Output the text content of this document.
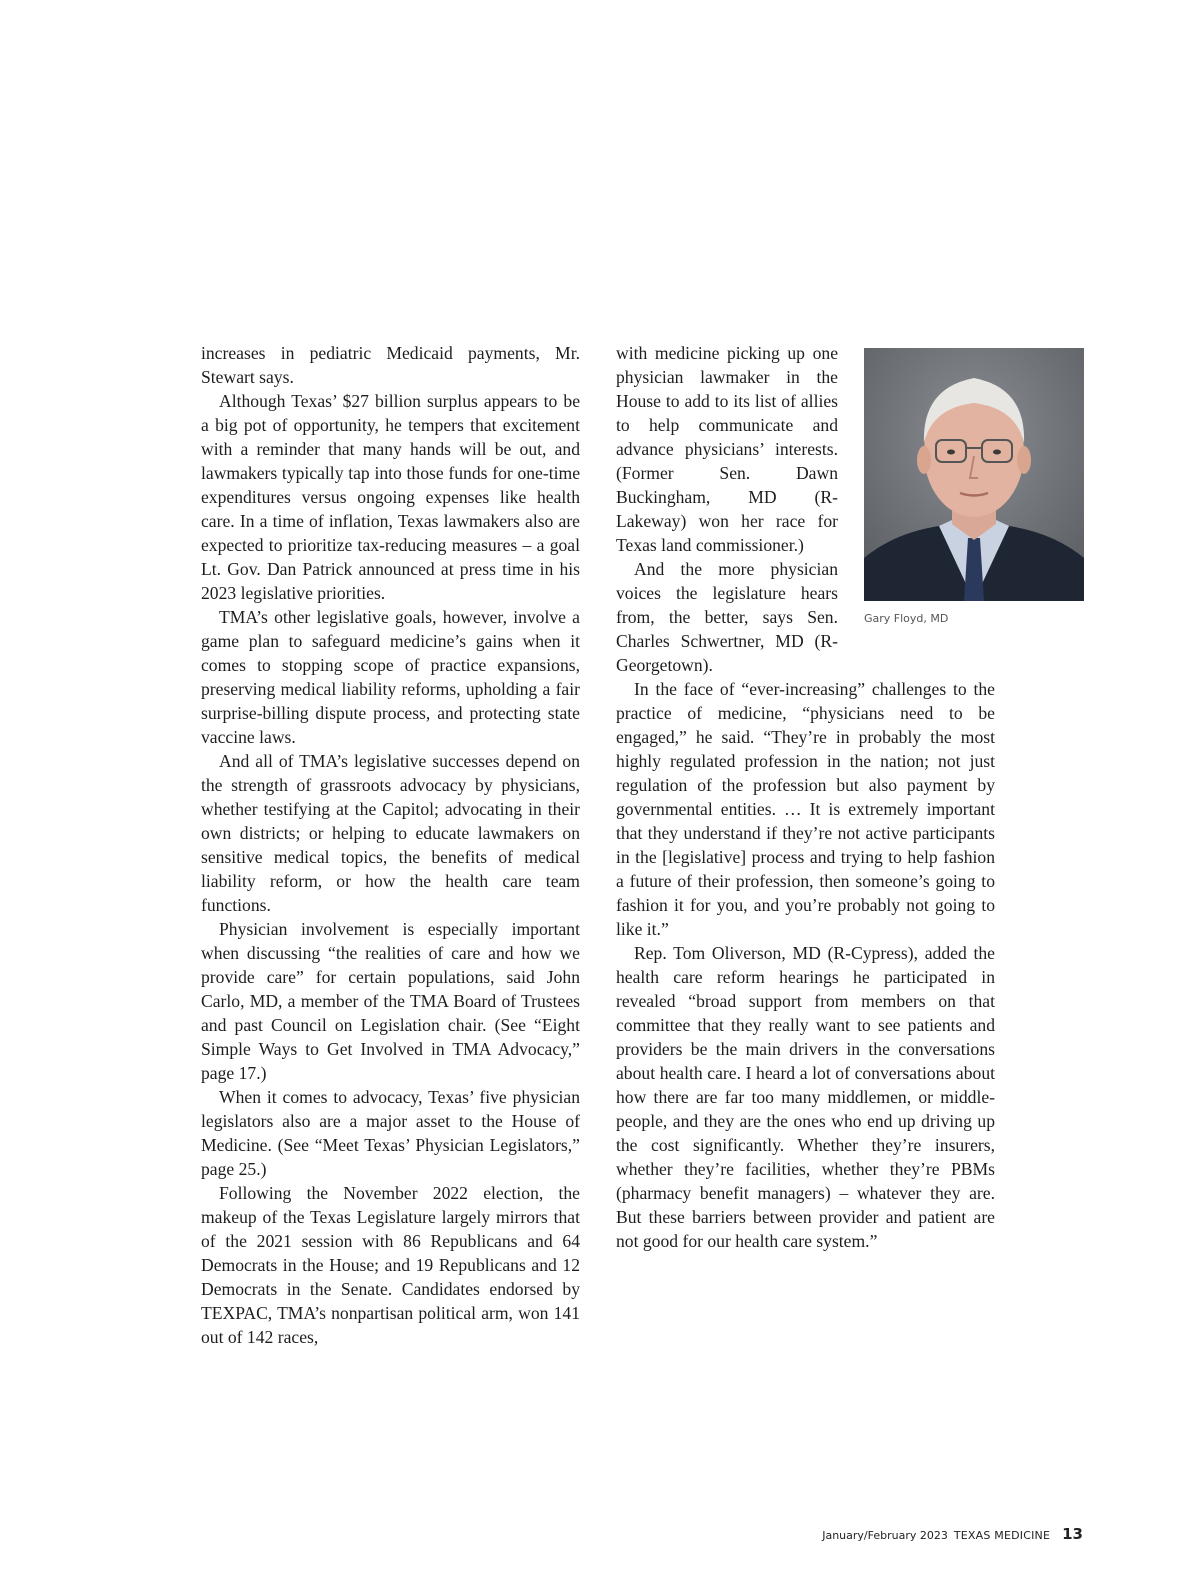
increases in pediatric Medicaid payments, Mr. Stewart says.

Although Texas’ $27 billion surplus appears to be a big pot of opportunity, he tempers that excitement with a reminder that many hands will be out, and lawmakers typically tap into those funds for one-time expenditures versus ongoing expenses like health care. In a time of inflation, Texas lawmakers also are expected to prioritize tax-reducing measures – a goal Lt. Gov. Dan Patrick announced at press time in his 2023 legislative priorities.

TMA’s other legislative goals, however, involve a game plan to safeguard medicine’s gains when it comes to stopping scope of practice expansions, preserving medical liability reforms, upholding a fair surprise-billing dispute process, and protecting state vaccine laws.

And all of TMA’s legislative successes depend on the strength of grassroots advocacy by physicians, whether testifying at the Capitol; advocating in their own districts; or helping to educate lawmakers on sensitive medical topics, the benefits of medical liability reform, or how the health care team functions.

Physician involvement is especially important when discussing “the realities of care and how we provide care” for certain populations, said John Carlo, MD, a member of the TMA Board of Trustees and past Council on Legislation chair. (See “Eight Simple Ways to Get Involved in TMA Advocacy,” page 17.)

When it comes to advocacy, Texas’ five physician legislators also are a major asset to the House of Medicine. (See “Meet Texas’ Physician Legislators,” page 25.)

Following the November 2022 election, the makeup of the Texas Legislature largely mirrors that of the 2021 session with 86 Republicans and 64 Democrats in the House; and 19 Republicans and 12 Democrats in the Senate. Candidates endorsed by TEXPAC, TMA’s nonpartisan political arm, won 141 out of 142 races,

with medicine picking up one physician lawmaker in the House to add to its list of allies to help communicate and advance physicians’ interests. (Former Sen. Dawn Buckingham, MD (R-Lakeway) won her race for Texas land commissioner.)

And the more physician voices the legislature hears from, the better, says Sen. Charles Schwertner, MD (R-Georgetown).

In the face of “ever-increasing” challenges to the practice of medicine, “physicians need to be engaged,” he said. “They’re in probably the most highly regulated profession in the nation; not just regulation of the profession but also payment by governmental entities. … It is extremely important that they understand if they’re not active participants in the [legislative] process and trying to help fashion a future of their profession, then someone’s going to fashion it for you, and you’re probably not going to like it.”

Rep. Tom Oliverson, MD (R-Cypress), added the health care reform hearings he participated in revealed “broad support from members on that committee that they really want to see patients and providers be the main drivers in the conversations about health care. I heard a lot of conversations about how there are far too many middlemen, or middle-people, and they are the ones who end up driving up the cost significantly. Whether they’re insurers, whether they’re facilities, whether they’re PBMs (pharmacy benefit managers) – whatever they are. But these barriers between provider and patient are not good for our health care system.”

Gary Floyd, MD
January/February 2023 TEXAS MEDICINE 13
